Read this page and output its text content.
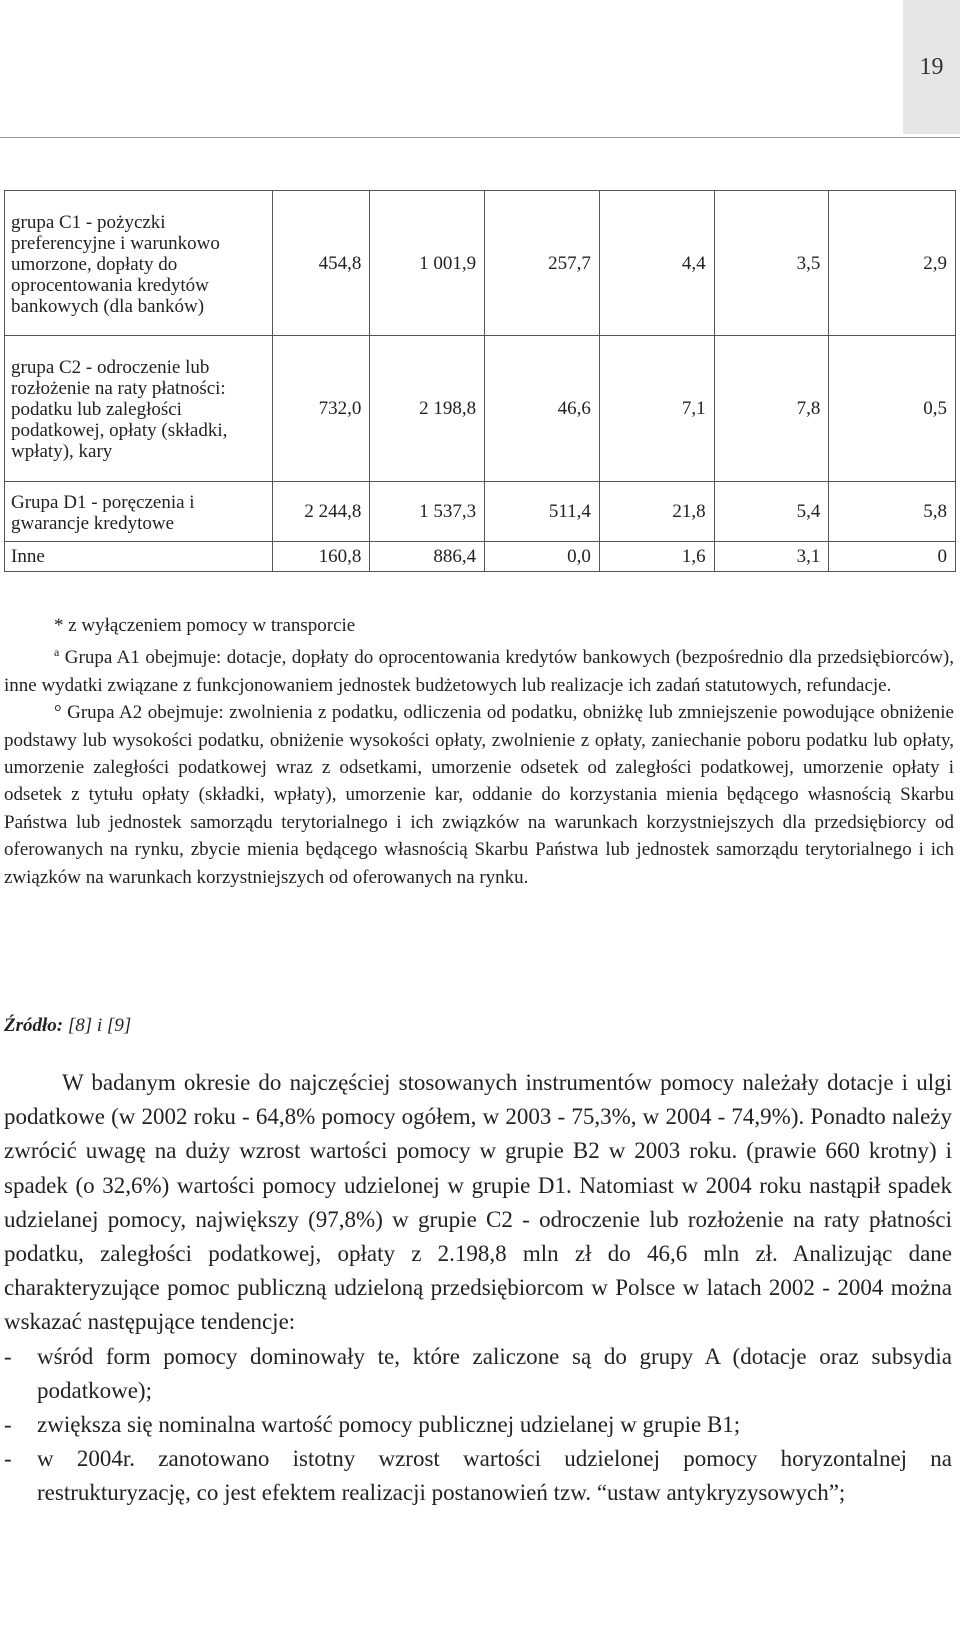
19
grupa C1 - pożyczki preferencyjne i warunkowo umorzone, dopłaty do oprocentowania kredytów bankowych (dla banków)	454,8	1 001,9	257,7	4,4	3,5	2,9
grupa C2 - odroczenie lub rozłożenie na raty płatności: podatku lub zaległości podatkowej, opłaty (składki, wpłaty), kary	732,0	2 198,8	46,6	7,1	7,8	0,5
Grupa D1 - poręczenia i gwarancje kredytowe	2 244,8	1 537,3	511,4	21,8	5,4	5,8
Inne	160,8	886,4	0,0	1,6	3,1	0

* z wyłączeniem pomocy w transporcie

$^a$ Grupa A1 obejmuje: dotacje, dopłaty do oprocentowania kredytów bankowych (bezpośrednio dla przedsiębiorców), inne wydatki związane z funkcjonowaniem jednostek budżetowych lub realizacje ich zadań statutowych, refundacje.

° Grupa A2 obejmuje: zwolnienia z podatku, odliczenia od podatku, obniżkę lub zmniejszenie powodujące obniżenie podstawy lub wysokości podatku, obniżenie wysokości opłaty, zwolnienie z opłaty, zaniechanie poboru podatku lub opłaty, umorzenie zaległości podatkowej wraz z odsetkami, umorzenie odsetek od zaległości podatkowej, umorzenie opłaty i odsetek z tytułu opłaty (składki, wpłaty), umorzenie kar, oddanie do korzystania mienia będącego własnością Skarbu Państwa lub jednostek samorządu terytorialnego i ich związków na warunkach korzystniejszych dla przedsiębiorcy od oferowanych na rynku, zbycie mienia będącego własnością Skarbu Państwa lub jednostek samorządu terytorialnego i ich związków na warunkach korzystniejszych od oferowanych na rynku.

Źródło: [8] i [9]

W badanym okresie do najczęściej stosowanych instrumentów pomocy należały dotacje i ulgi podatkowe (w 2002 roku - 64,8% pomocy ogółem, w 2003 - 75,3%, w 2004 - 74,9%). Ponadto należy zwrócić uwagę na duży wzrost wartości pomocy w grupie B2 w 2003 roku. (prawie 660 krotny) i spadek (o 32,6%) wartości pomocy udzielonej w grupie D1. Natomiast w 2004 roku nastąpił spadek udzielanej pomocy, największy (97,8%) w grupie C2 - odroczenie lub rozłożenie na raty płatności podatku, zaległości podatkowej, opłaty z 2.198,8 mln zł do 46,6 mln zł. Analizując dane charakteryzujące pomoc publiczną udzieloną przedsiębiorcom w Polsce w latach 2002 - 2004 można wskazać następujące tendencje:

- wśród form pomocy dominowały te, które zaliczone są do grupy A (dotacje oraz subsydia podatkowe);
- zwiększa się nominalna wartość pomocy publicznej udzielanej w grupie B1;
- w 2004r. zanotowano istotny wzrost wartości udzielonej pomocy horyzontalnej na restrukturyzację, co jest efektem realizacji postanowień tzw. “ustaw antykryzysowych”;
